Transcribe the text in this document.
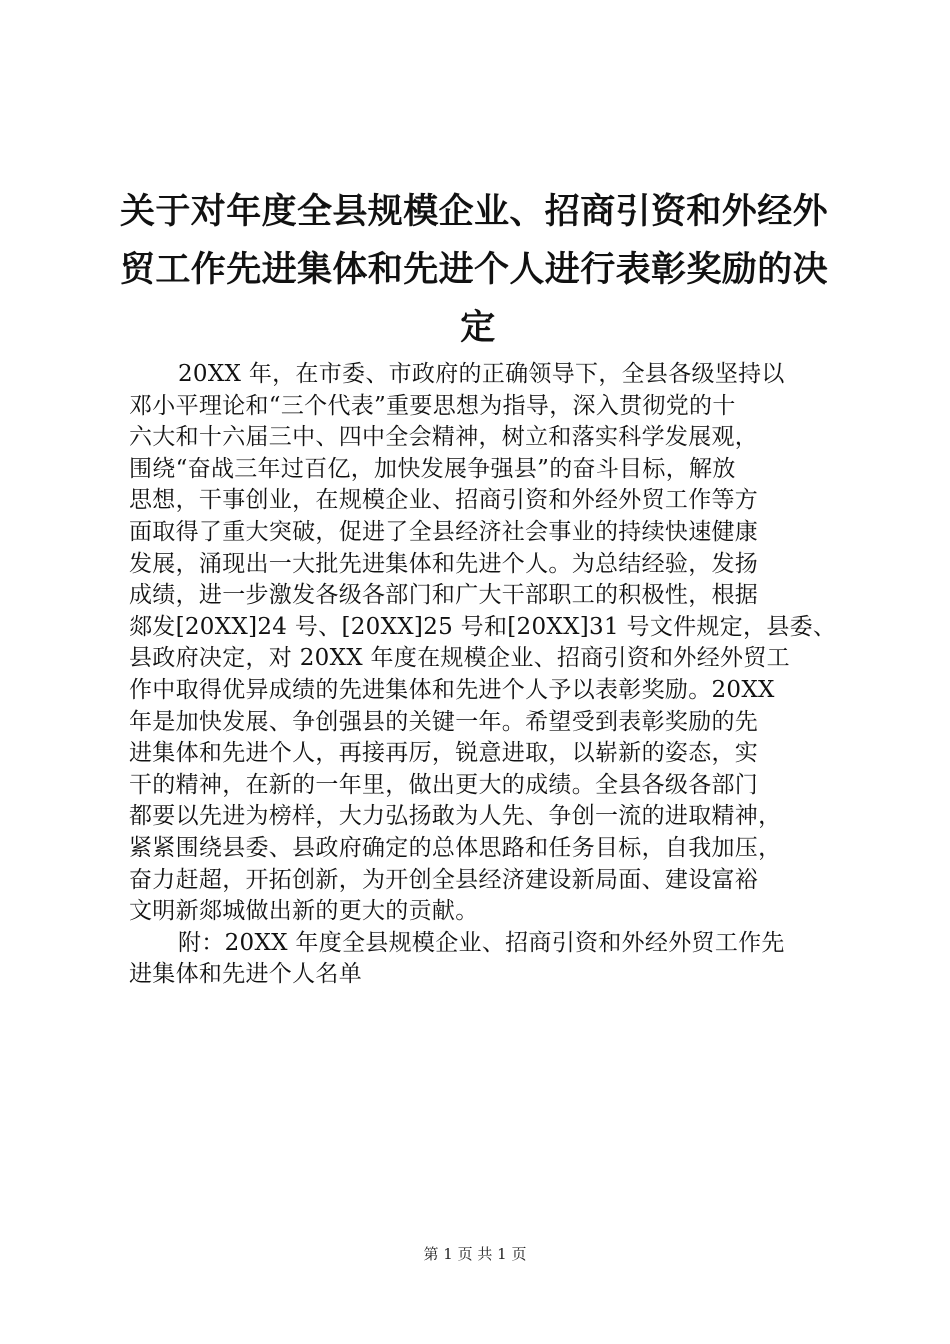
关于对年度全县规模企业、招商引资和外经外
贸工作先进集体和先进个人进行表彰奖励的决
定
20XX 年，在市委、市政府的正确领导下，全县各级坚持以
邓小平理论和“三个代表”重要思想为指导，深入贯彻党的十
六大和十六届三中、四中全会精神，树立和落实科学发展观，
围绕“奋战三年过百亿，加快发展争强县”的奋斗目标，解放
思想，干事创业，在规模企业、招商引资和外经外贸工作等方
面取得了重大突破，促进了全县经济社会事业的持续快速健康
发展，涌现出一大批先进集体和先进个人。为总结经验，发扬
成绩，进一步激发各级各部门和广大干部职工的积极性，根据
郯发[20XX]24 号、[20XX]25 号和[20XX]31 号文件规定，县委、
县政府决定，对 20XX 年度在规模企业、招商引资和外经外贸工
作中取得优异成绩的先进集体和先进个人予以表彰奖励。20XX
年是加快发展、争创强县的关键一年。希望受到表彰奖励的先
进集体和先进个人，再接再厉，锐意进取，以崭新的姿态，实
干的精神，在新的一年里，做出更大的成绩。全县各级各部门
都要以先进为榜样，大力弘扬敢为人先、争创一流的进取精神，
紧紧围绕县委、县政府确定的总体思路和任务目标，自我加压，
奋力赶超，开拓创新，为开创全县经济建设新局面、建设富裕
文明新郯城做出新的更大的贡献。
附：20XX 年度全县规模企业、招商引资和外经外贸工作先
进集体和先进个人名单
第 1 页 共 1 页
